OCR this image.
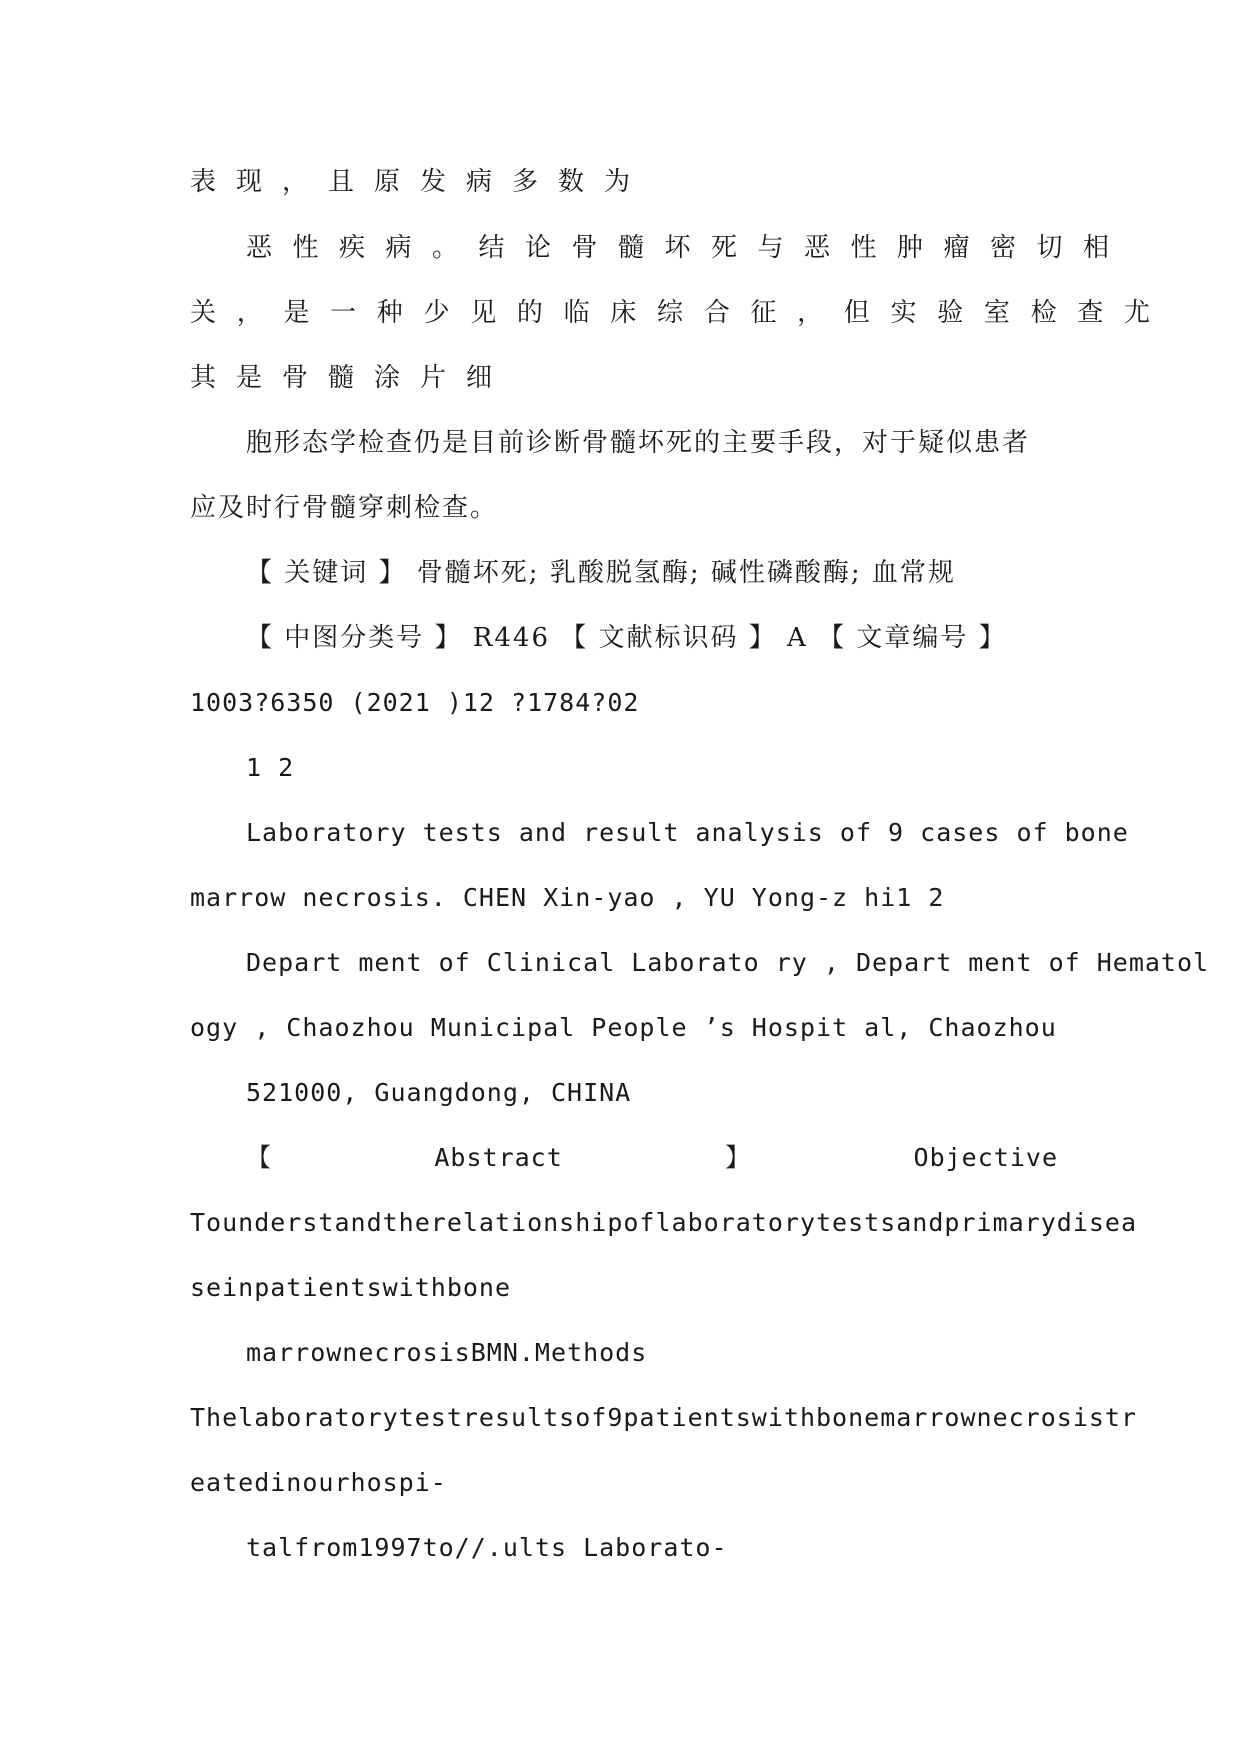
表现，且原发病多数为
恶性疾病。结论骨髓坏死与恶性肿瘤密切相
关，是一种少见的临床综合征，但实验室检查尤
其是骨髓涂片细
胞形态学检查仍是目前诊断骨髓坏死的主要手段，对于疑似患者
应及时行骨髓穿刺检查。
【 关键词 】 骨髓坏死; 乳酸脱氢酶; 碱性磷酸酶; 血常规
【 中图分类号 】 R446 【 文献标识码 】 A 【 文章编号 】
1003?6350 (2021 )12 ?1784?02
1 2
Laboratory tests and result analysis of 9 cases of bone
marrow necrosis. CHEN Xin-yao , YU Yong-z hi1 2
Depart ment of Clinical Laborato ry , Depart ment of Hematol
ogy , Chaozhou Municipal People ’s Hospit al, Chaozhou
521000, Guangdong, CHINA
【	Abstract	】	Objective
Tounderstandtherelationshipoflaboratorytestsandprimarydisea
seinpatientswithbone
marrownecrosisBMN.Methods
Thelaboratorytestresultsof9patientswithbonemarrownecrosistr
eatedinourhospi-
talfrom1997to//.ults Laborato-
